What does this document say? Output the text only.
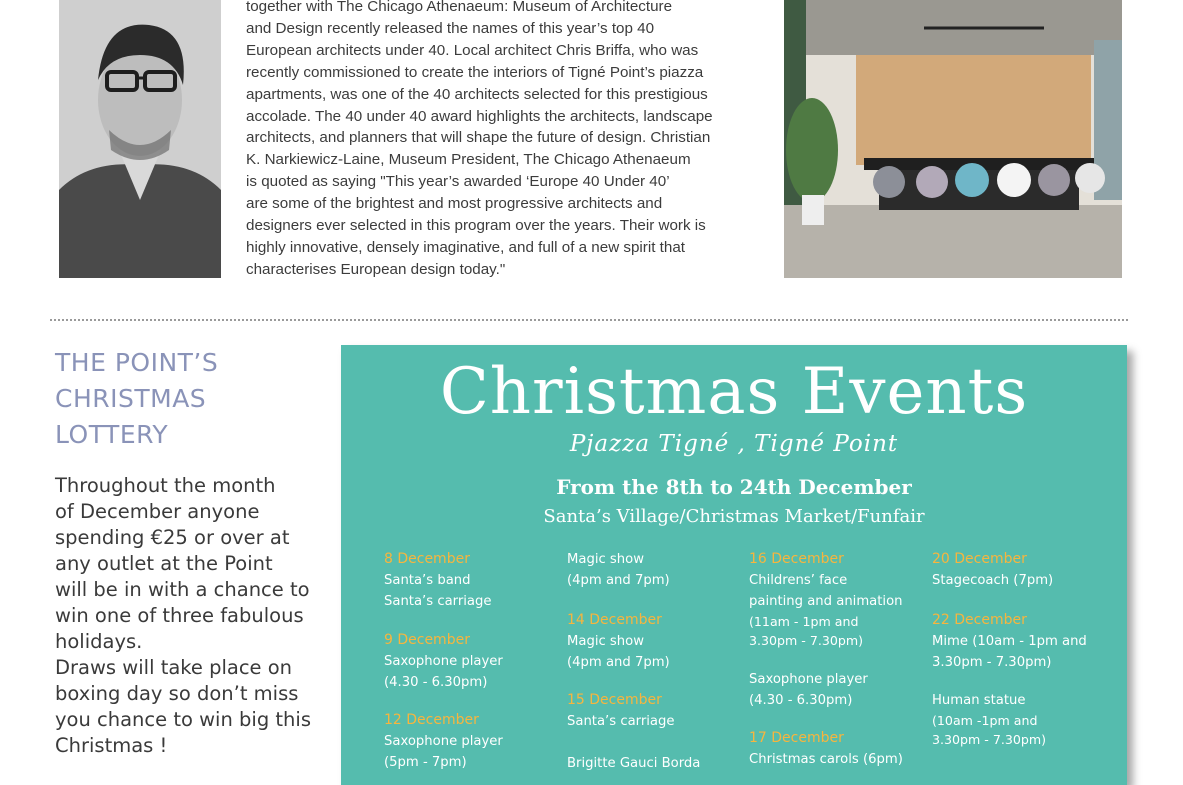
together with The Chicago Athenaeum: Museum of Architecture
and Design recently released the names of this year’s top 40
European architects under 40. Local architect Chris Briffa, who was
recently commissioned to create the interiors of Tigné Point’s piazza
apartments, was one of the 40 architects selected for this prestigious
accolade. The 40 under 40 award highlights the architects, landscape
architects, and planners that will shape the future of design. Christian
K. Narkiewicz-Laine, Museum President, The Chicago Athenaeum
is quoted as saying "This year’s awarded ‘Europe 40 Under 40’
are some of the brightest and most progressive architects and
designers ever selected in this program over the years. Their work is
highly innovative, densely imaginative, and full of a new spirit that
characterises European design today."

THE POINT’S
CHRISTMAS
LOTTERY

Throughout the month
of December anyone
spending €25 or over at
any outlet at the Point
will be in with a chance to
win one of three fabulous
holidays.
Draws will take place on
boxing day so don’t miss
you chance to win big this
Christmas !

Christmas Events
Pjazza Tigné , Tigné Point
From the 8th to 24th December
Santa’s Village/Christmas Market/Funfair
8 December
Santa’s band
Santa’s carriage
9 December
Saxophone player
(4.30 - 6.30pm)
12 December
Saxophone player
(5pm - 7pm)
Magic show
(4pm and 7pm)
14 December
Magic show
(4pm and 7pm)
15 December
Santa’s carriage
Brigitte Gauci Borda
16 December
Childrens’ face
painting and animation
(11am - 1pm and
3.30pm - 7.30pm)
Saxophone player
(4.30 - 6.30pm)
17 December
Christmas carols (6pm)
20 December
Stagecoach (7pm)
22 December
Mime (10am - 1pm and
3.30pm - 7.30pm)
Human statue
(10am -1pm and
3.30pm - 7.30pm)
